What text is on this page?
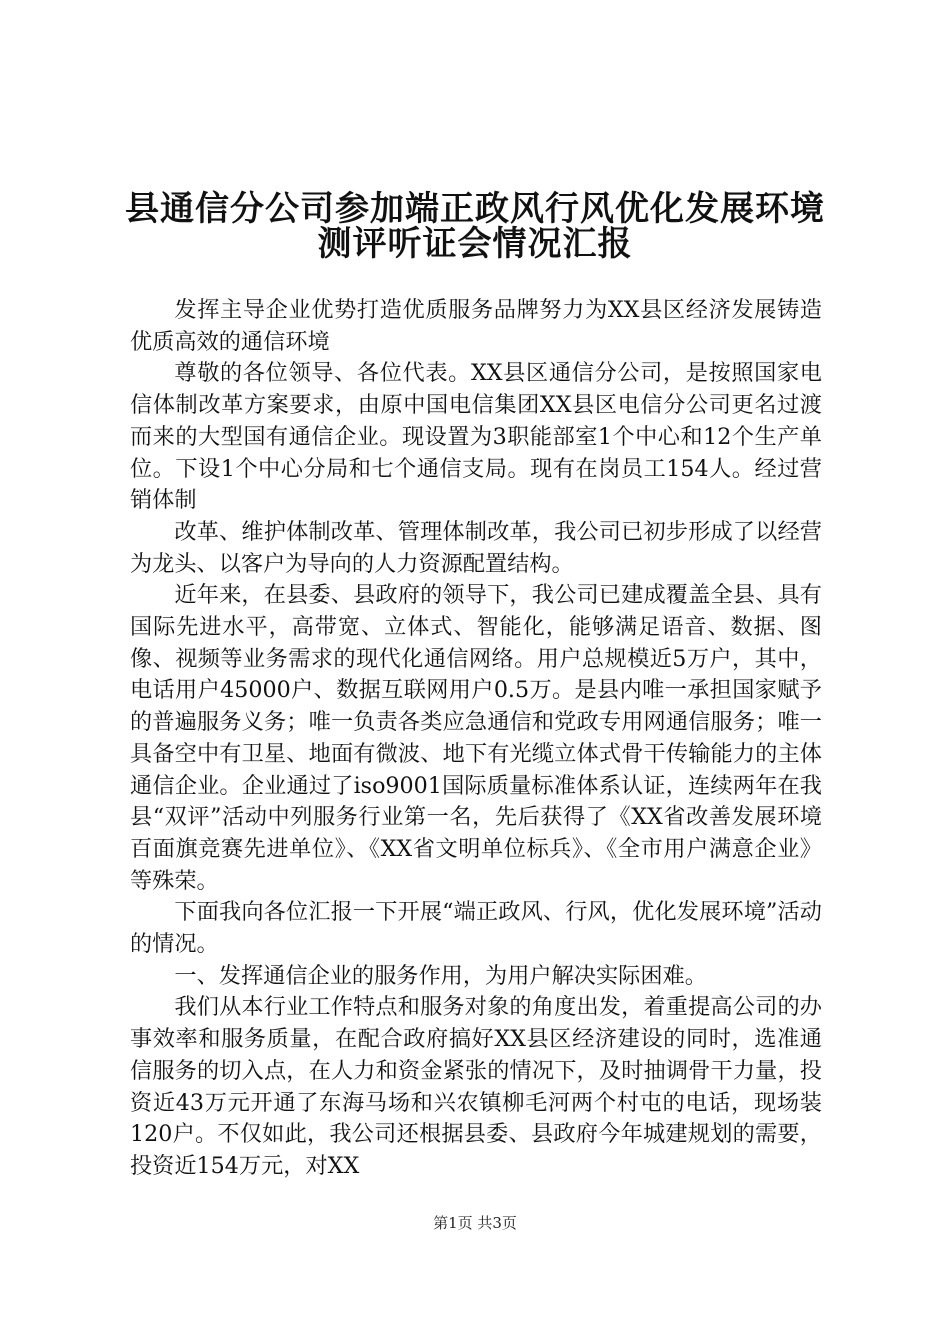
县通信分公司参加端正政风行风优化发展环境
测评听证会情况汇报

发挥主导企业优势打造优质服务品牌努力为XX县区经济发展铸造优质高效的通信环境

尊敬的各位领导、各位代表。XX县区通信分公司，是按照国家电信体制改革方案要求，由原中国电信集团XX县区电信分公司更名过渡而来的大型国有通信企业。现设置为3职能部室1个中心和12个生产单位。下设1个中心分局和七个通信支局。现有在岗员工154人。经过营销体制

改革、维护体制改革、管理体制改革，我公司已初步形成了以经营为龙头、以客户为导向的人力资源配置结构。

近年来，在县委、县政府的领导下，我公司已建成覆盖全县、具有国际先进水平，高带宽、立体式、智能化，能够满足语音、数据、图像、视频等业务需求的现代化通信网络。用户总规模近5万户，其中，电话用户45000户、数据互联网用户0.5万。是县内唯一承担国家赋予的普遍服务义务；唯一负责各类应急通信和党政专用网通信服务；唯一具备空中有卫星、地面有微波、地下有光缆立体式骨干传输能力的主体通信企业。企业通过了iso9001国际质量标准体系认证，连续两年在我县“双评”活动中列服务行业第一名，先后获得了《XX省改善发展环境百面旗竞赛先进单位》、《XX省文明单位标兵》、《全市用户满意企业》等殊荣。

下面我向各位汇报一下开展“端正政风、行风，优化发展环境”活动的情况。

一、发挥通信企业的服务作用，为用户解决实际困难。

我们从本行业工作特点和服务对象的角度出发，着重提高公司的办事效率和服务质量，在配合政府搞好XX县区经济建设的同时，选准通信服务的切入点，在人力和资金紧张的情况下，及时抽调骨干力量，投资近43万元开通了东海马场和兴农镇柳毛河两个村屯的电话，现场装120户。不仅如此，我公司还根据县委、县政府今年城建规划的需要，投资近154万元，对XX

第1页 共3页
